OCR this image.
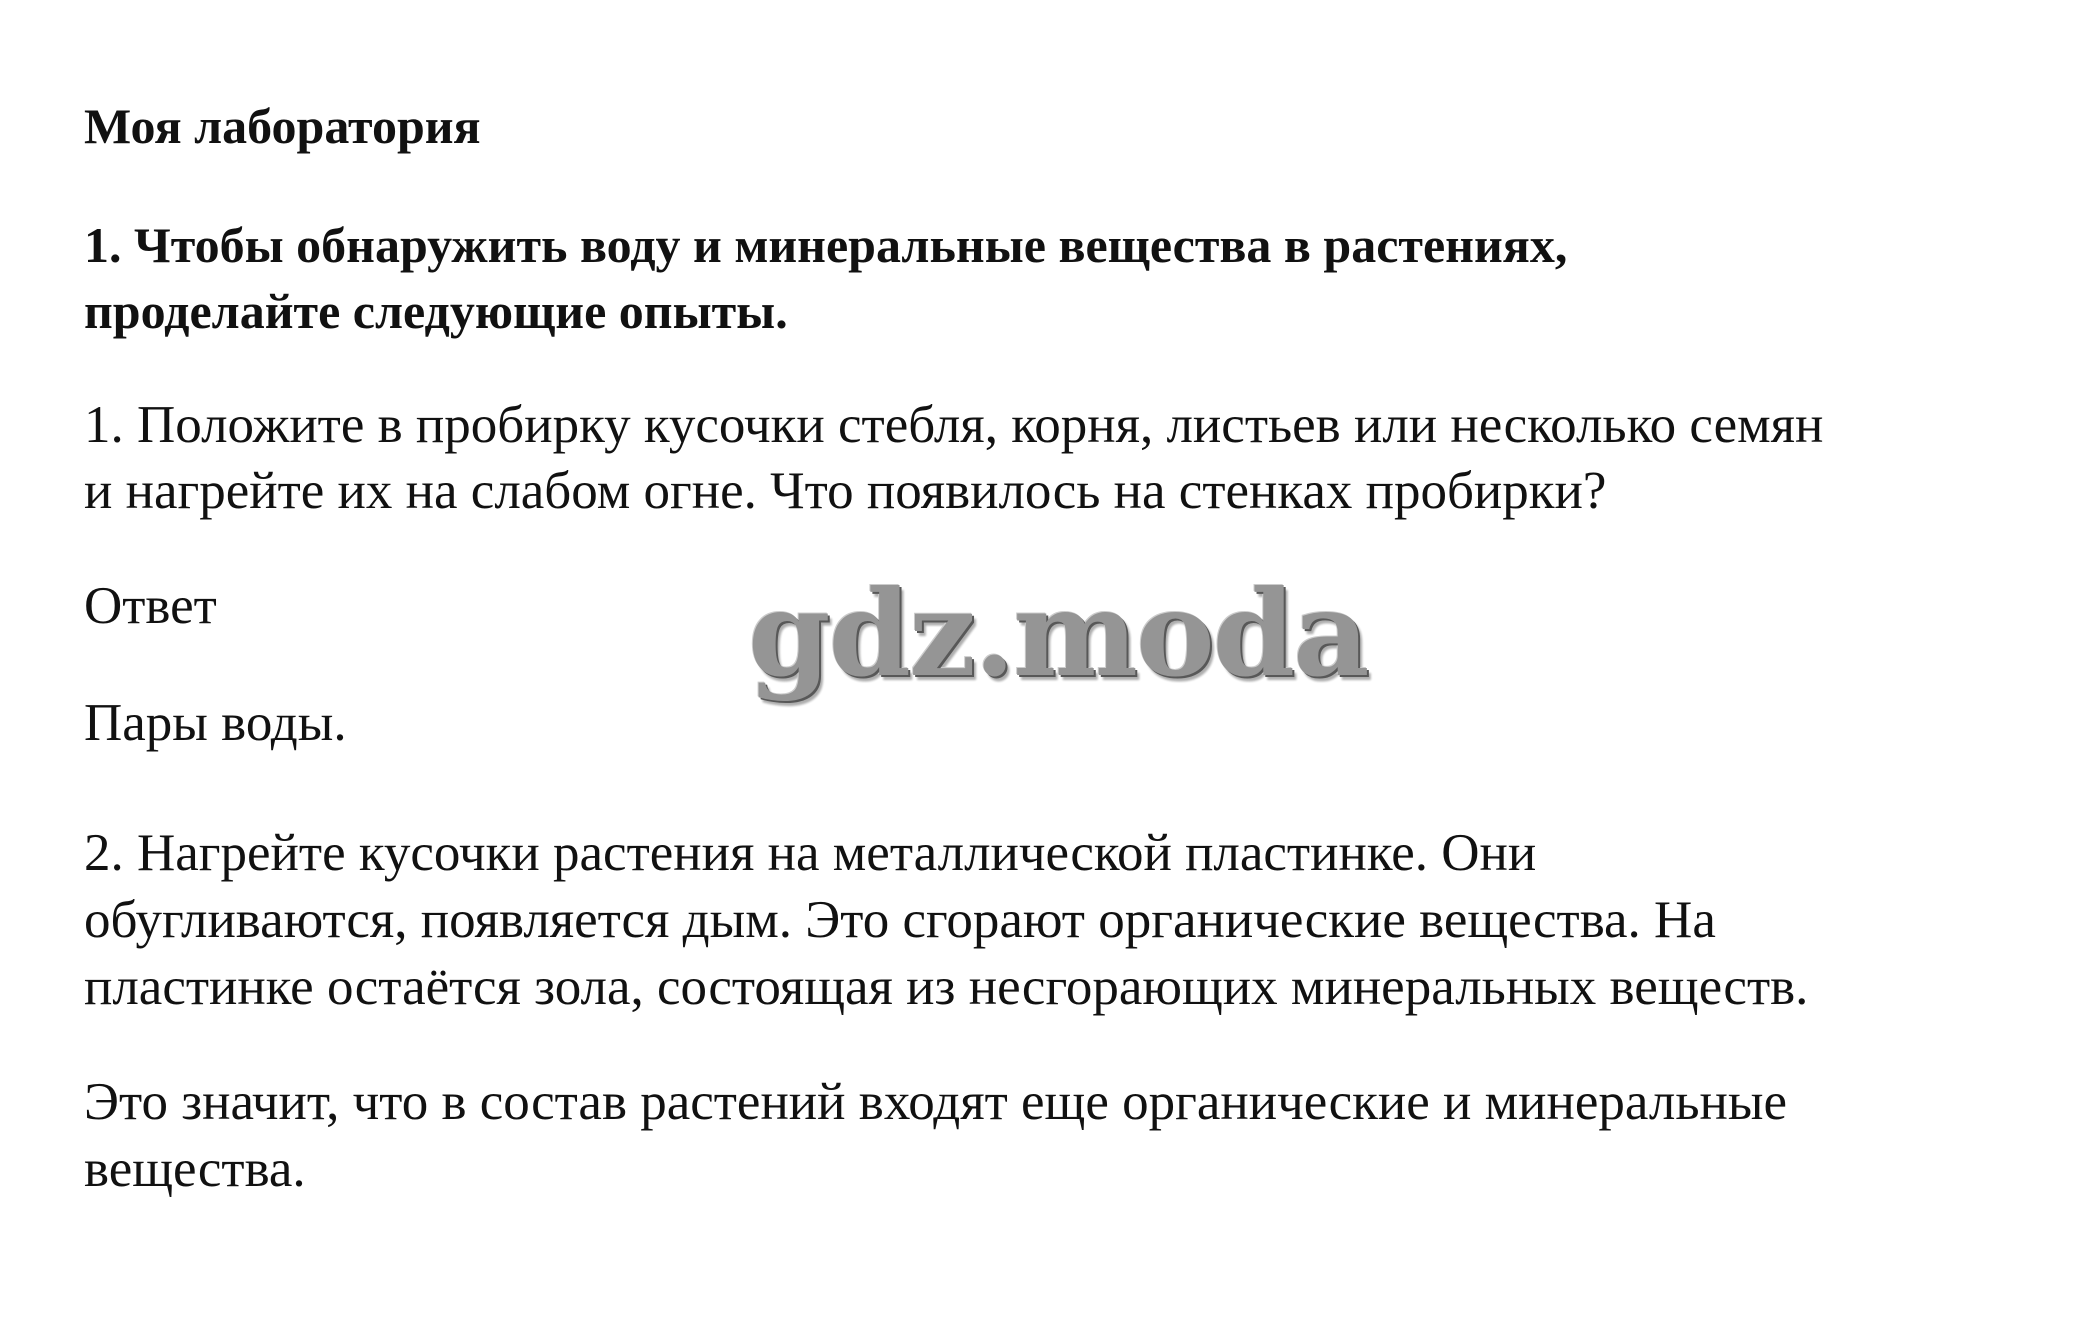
Моя лаборатория

1. Чтобы обнаружить воду и минеральные вещества в растениях,

проделайте следующие опыты.

1. Положите в пробирку кусочки стебля, корня, листьев или несколько семян

и нагрейте их на слабом огне. Что появилось на стенках пробирки?

Ответ	gdz.moda

Пары воды.

2. Нагрейте кусочки растения на металлической пластинке. Они

обугливаются, появляется дым. Это сгорают органические вещества. На

пластинке остаётся зола, состоящая из несгорающих минеральных веществ.

Это значит, что в состав растений входят еще органические и минеральные

вещества.
